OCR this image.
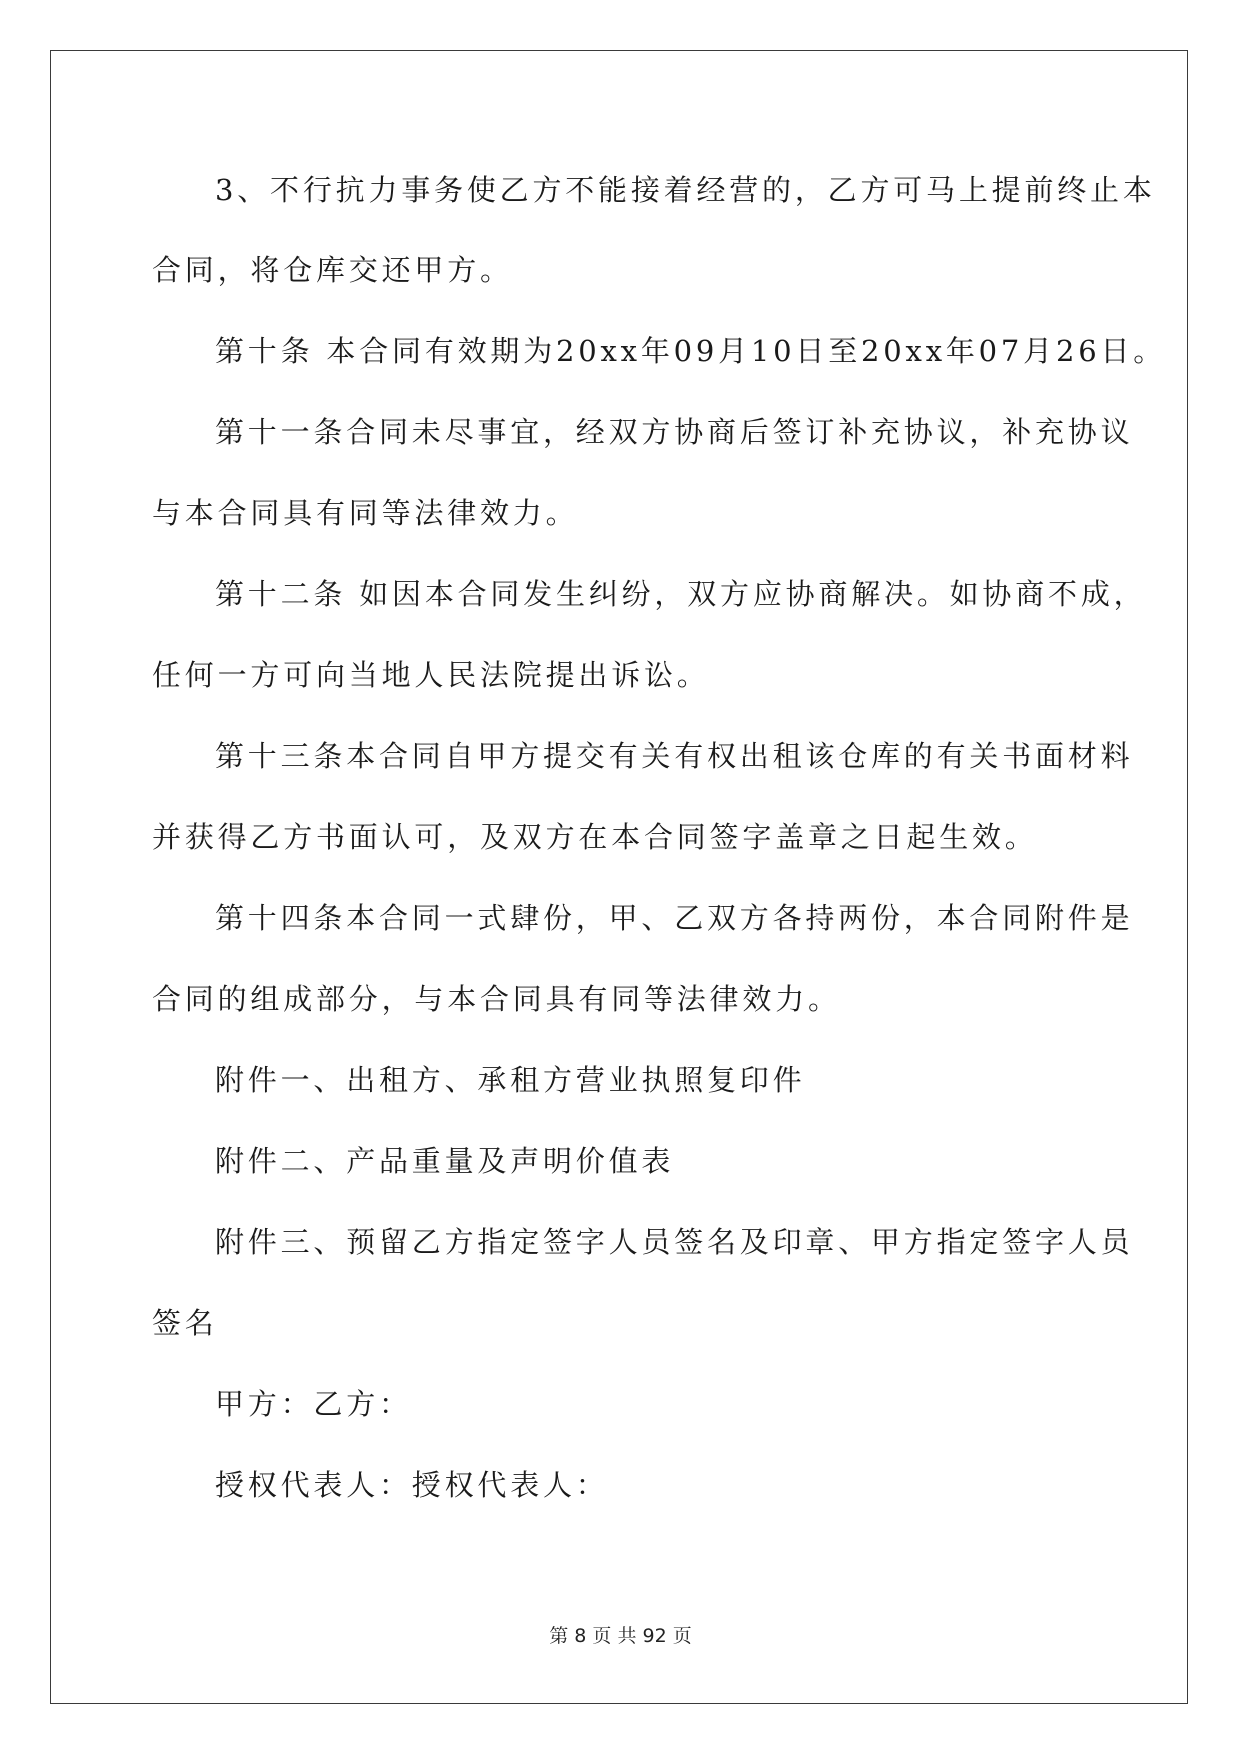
3、不行抗力事务使乙方不能接着经营的，乙方可马上提前终止本
合同，将仓库交还甲方。
第十条 本合同有效期为20xx年09月10日至20xx年07月26日。
第十一条合同未尽事宜，经双方协商后签订补充协议，补充协议
与本合同具有同等法律效力。
第十二条 如因本合同发生纠纷，双方应协商解决。如协商不成，
任何一方可向当地人民法院提出诉讼。
第十三条本合同自甲方提交有关有权出租该仓库的有关书面材料
并获得乙方书面认可，及双方在本合同签字盖章之日起生效。
第十四条本合同一式肆份，甲、乙双方各持两份，本合同附件是
合同的组成部分，与本合同具有同等法律效力。
附件一、出租方、承租方营业执照复印件
附件二、产品重量及声明价值表
附件三、预留乙方指定签字人员签名及印章、甲方指定签字人员
签名
甲方：乙方：
授权代表人：授权代表人：
第 8 页 共 92 页
